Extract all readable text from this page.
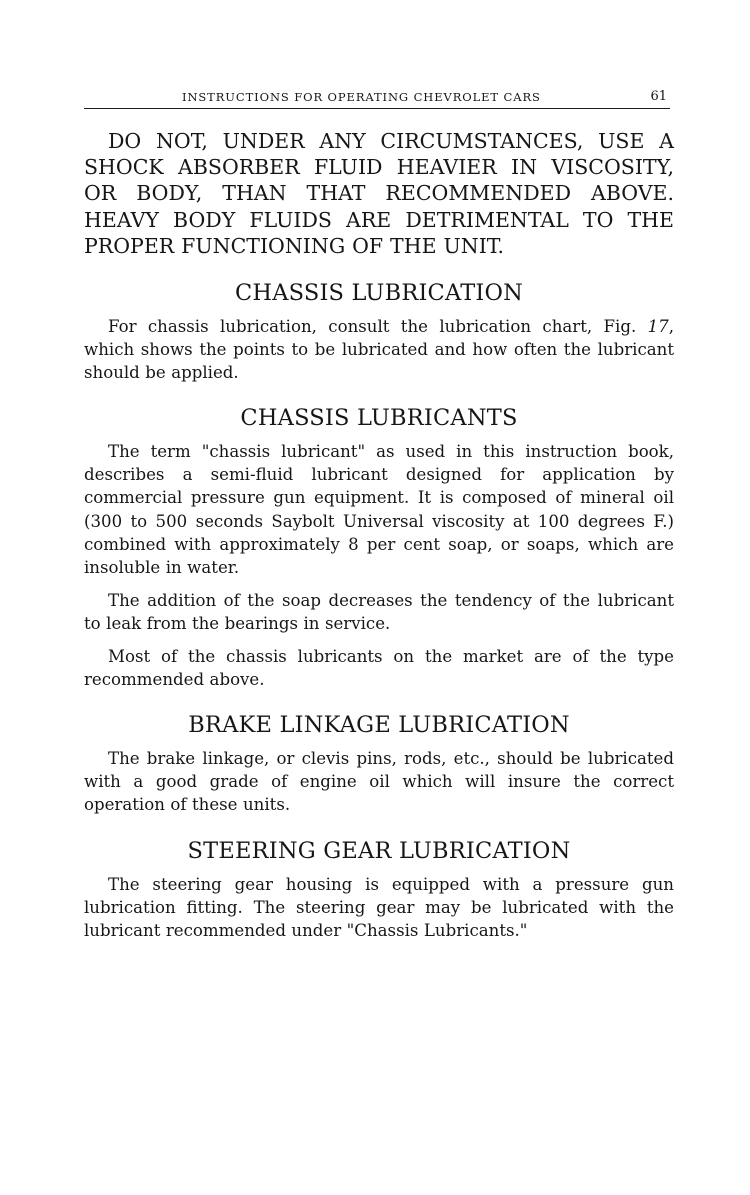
INSTRUCTIONS FOR OPERATING CHEVROLET CARS	61

DO NOT, UNDER ANY CIRCUMSTANCES, USE A SHOCK ABSORBER FLUID HEAVIER IN VISCOSITY, OR BODY, THAN THAT RECOMMENDED ABOVE. HEAVY BODY FLUIDS ARE DETRIMENTAL TO THE PROPER FUNCTIONING OF THE UNIT.

CHASSIS LUBRICATION

For chassis lubrication, consult the lubrication chart, Fig. 17, which shows the points to be lubricated and how often the lubricant should be applied.

CHASSIS LUBRICANTS

The term "chassis lubricant" as used in this instruction book, describes a semi-fluid lubricant designed for application by commercial pressure gun equipment. It is composed of mineral oil (300 to 500 seconds Saybolt Universal viscosity at 100 degrees F.) combined with approximately 8 per cent soap, or soaps, which are insoluble in water.

The addition of the soap decreases the tendency of the lubricant to leak from the bearings in service.

Most of the chassis lubricants on the market are of the type recommended above.

BRAKE LINKAGE LUBRICATION

The brake linkage, or clevis pins, rods, etc., should be lubricated with a good grade of engine oil which will insure the correct operation of these units.

STEERING GEAR LUBRICATION

The steering gear housing is equipped with a pressure gun lubrication fitting. The steering gear may be lubricated with the lubricant recommended under "Chassis Lubricants."
